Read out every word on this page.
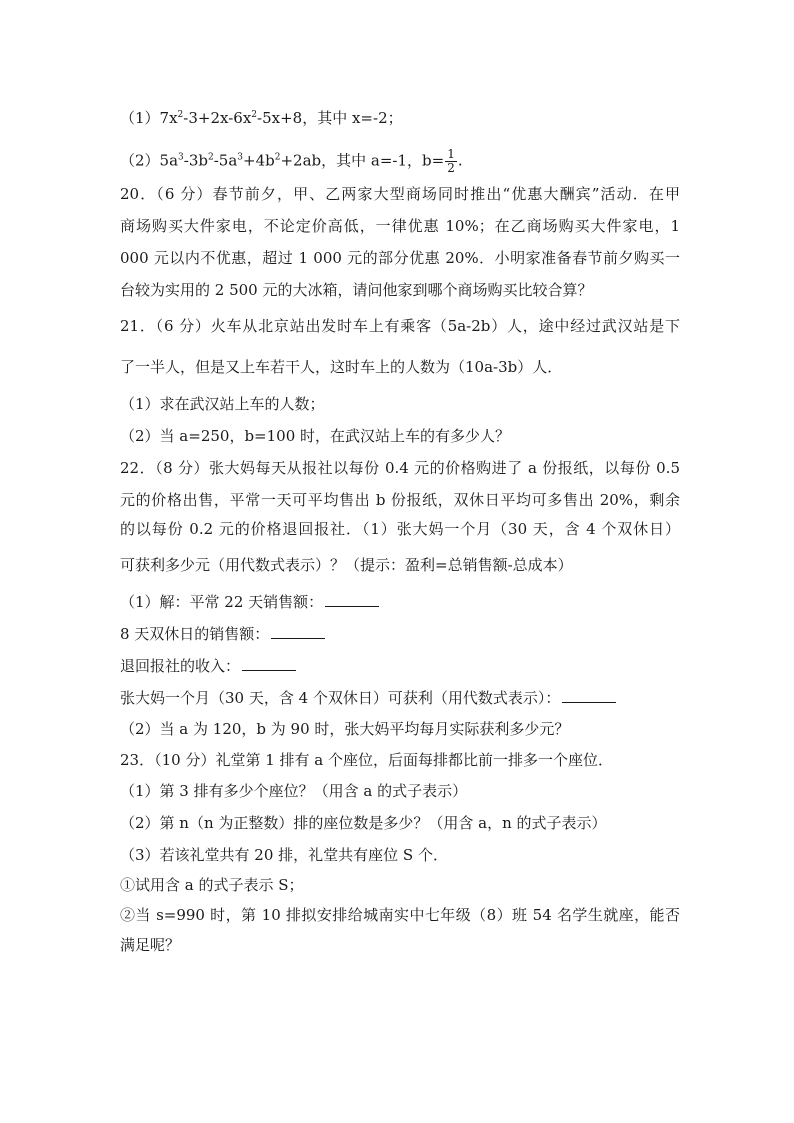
$(1)7x^2-3+2x-6x^2-5x+8$，其中 x=-2；
$(2)5a^3-3b^2-5a^3+4b^2+2ab$，其中 a=-1，$b= \frac{1}{2}$ .
20．（6 分）春节前夕，甲、乙两家大型商场同时推出“优惠大酬宾”活动．在甲
商场购买大件家电，不论定价高低，一律优惠 10%；在乙商场购买大件家电，1
000 元以内不优惠，超过 1 000 元的部分优惠 20%．小明家准备春节前夕购买一
台较为实用的 2 500 元的大冰箱，请问他家到哪个商场购买比较合算？
21．（6 分）火车从北京站出发时车上有乘客（5a-2b）人，途中经过武汉站是下
了一半人，但是又上车若干人，这时车上的人数为（10a-3b）人．
（1）求在武汉站上车的人数；
（2）当 a=250，b=100 时，在武汉站上车的有多少人？
22．（8 分）张大妈每天从报社以每份 0.4 元的价格购进了 a 份报纸，以每份 0.5
元的价格出售，平常一天可平均售出 b 份报纸，双休日平均可多售出 20%，剩余
的以每份 0.2 元的价格退回报社．（1）张大妈一个月（30 天，含 4 个双休日）
可获利多少元（用代数式表示）？（提示：盈利=总销售额-总成本）
（1）解：平常 22 天销售额：
8 天双休日的销售额：
退回报社的收入：
张大妈一个月（30 天，含 4 个双休日）可获利（用代数式表示）：
（2）当 a 为 120，b 为 90 时，张大妈平均每月实际获利多少元？
23．（10 分）礼堂第 1 排有 a 个座位，后面每排都比前一排多一个座位．
（1）第 3 排有多少个座位？（用含 a 的式子表示）
（2）第 n（n 为正整数）排的座位数是多少？（用含 a，n 的式子表示）
（3）若该礼堂共有 20 排，礼堂共有座位 S 个．
①试用含 a 的式子表示 S；
②当 s=990 时，第 10 排拟安排给城南实中七年级（8）班 54 名学生就座，能否
满足呢？
